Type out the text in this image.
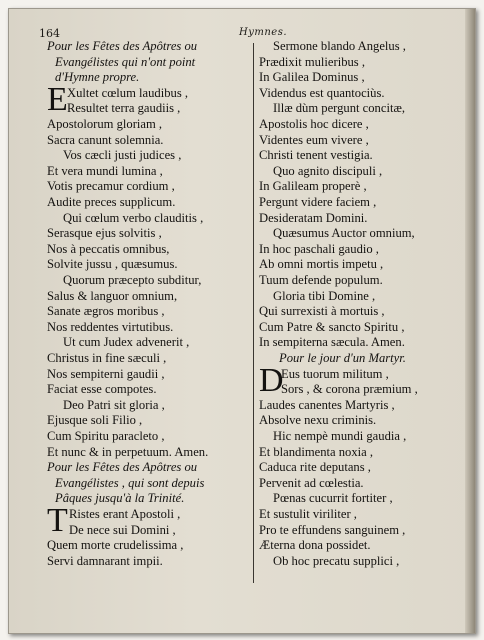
164	Hymnes.
Pour les Fêtes des Apôtres ou
Evangélistes qui n'ont point
d'Hymne propre.
Xultet cœlum laudibus ,
Resultet terra gaudiis ,
Apostolorum gloriam ,
Sacra canunt solemnia.
Vos cæcli justi judices ,
Et vera mundi lumina ,
Votis precamur cordium ,
Audite preces supplicum.
Qui cœlum verbo clauditis ,
Serasque ejus solvitis ,
Nos à peccatis omnibus,
Solvite jussu , quæsumus.
Quorum præcepto subditur,
Salus & languor omnium,
Sanate ægros moribus ,
Nos reddentes virtutibus.
Ut cum Judex advenerit ,
Christus in fine sæculi ,
Nos sempiterni gaudii ,
Faciat esse compotes.
Deo Patri sit gloria ,
Ejusque soli Filio ,
Cum Spiritu paracleto ,
Et nunc & in perpetuum. Amen.
Pour les Fêtes des Apôtres ou
Evangélistes , qui sont depuis
Pâques jusqu'à la Trinité.
Ristes erant Apostoli ,
De nece sui Domini ,
Quem morte crudelissima ,
Servi damnarant impii.
E
T
Sermone blando Angelus ,
Prædixit mulieribus ,
In Galilea Dominus ,
Videndus est quantociùs.
Illæ dùm pergunt concitæ,
Apostolis hoc dicere ,
Videntes eum vivere ,
Christi tenent vestigia.
Quo agnito discipuli ,
In Galileam properè ,
Pergunt videre faciem ,
Desideratam Domini.
Quæsumus Auctor omnium,
In hoc paschali gaudio ,
Ab omni mortis impetu ,
Tuum defende populum.
Gloria tibi Domine ,
Qui surrexisti à mortuis ,
Cum Patre & sancto Spiritu ,
In sempiterna sæcula. Amen.
Pour le jour d'un Martyr.
Eus tuorum militum ,
Sors , & corona præmium ,
Laudes canentes Martyris ,
Absolve nexu criminis.
Hic nempè mundi gaudia ,
Et blandimenta noxia ,
Caduca rite deputans ,
Pervenit ad cœlestia.
Pœnas cucurrit fortiter ,
Et sustulit viriliter ,
Pro te effundens sanguinem ,
Æterna dona possidet.
Ob hoc precatu supplici ,
D
